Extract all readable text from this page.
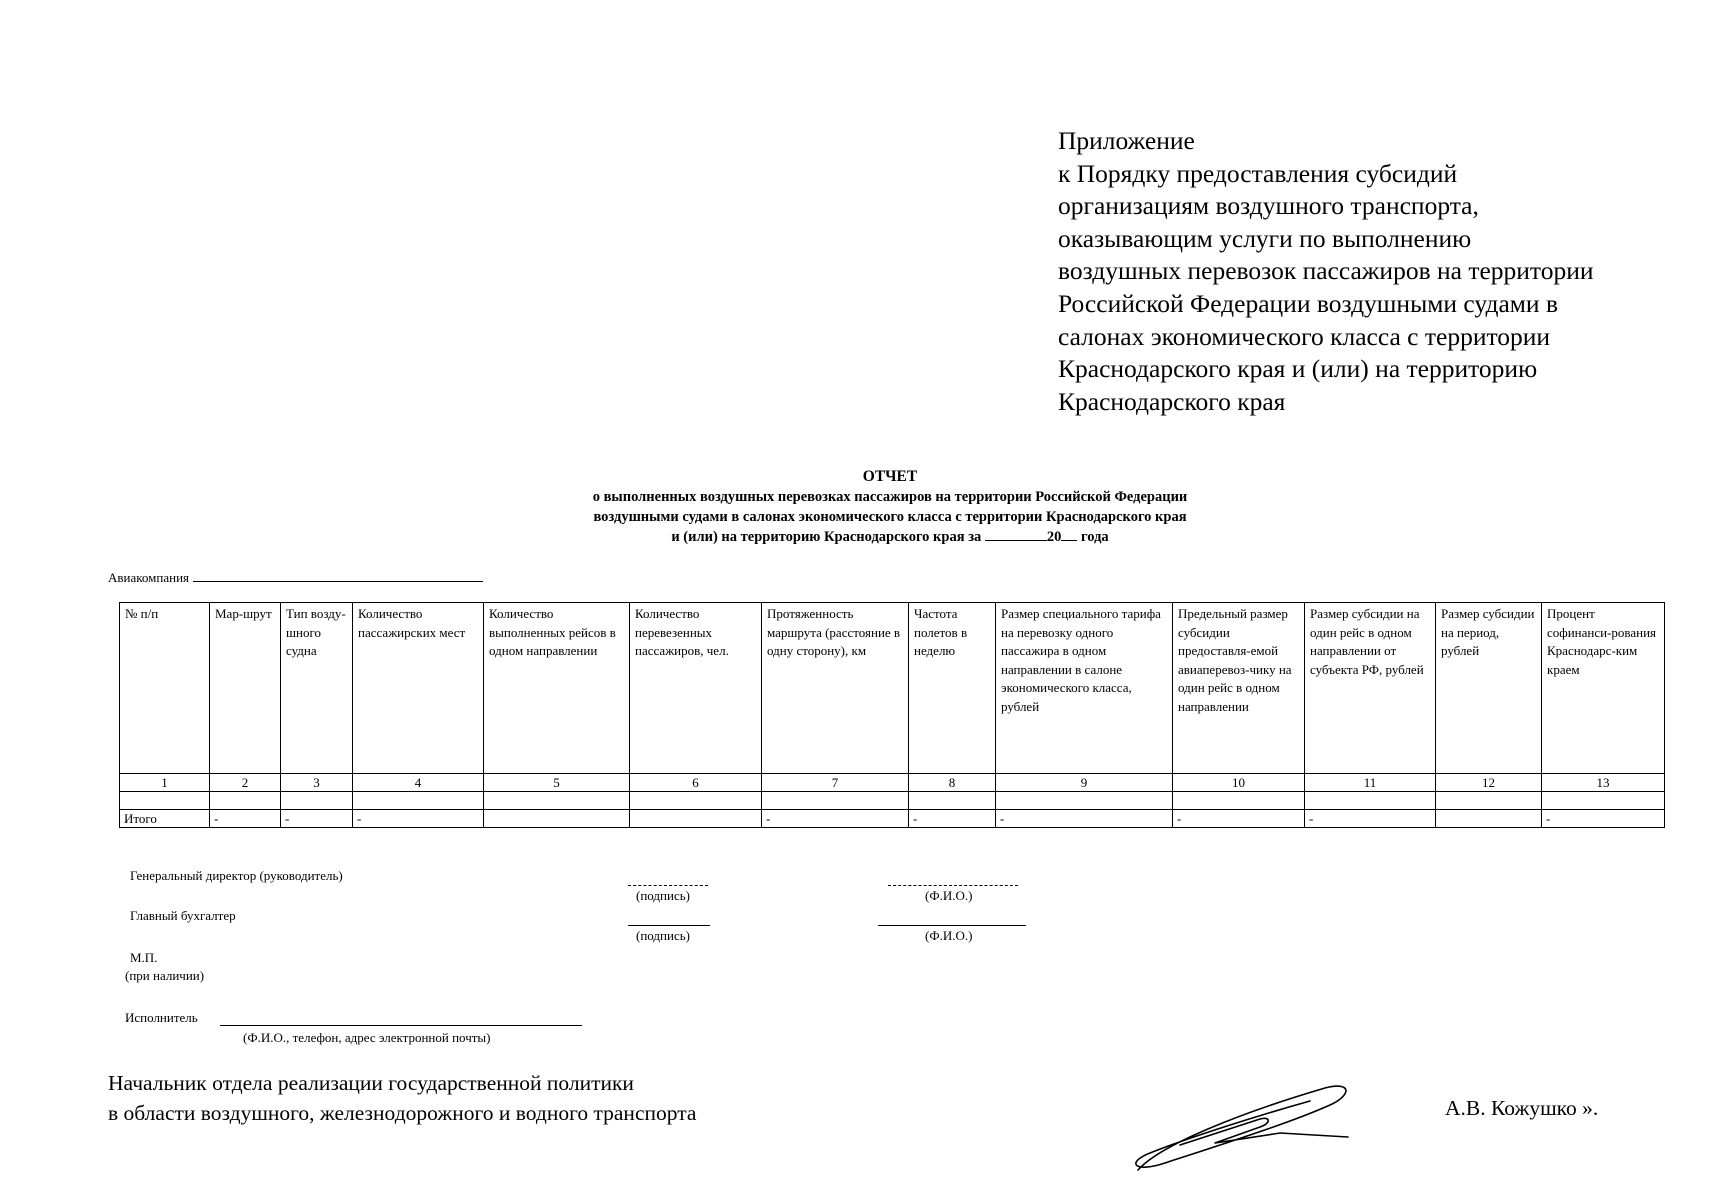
Приложение
к Порядку предоставления субсидий
организациям воздушного транспорта,
оказывающим услуги по выполнению
воздушных перевозок пассажиров на территории
Российской Федерации воздушными судами в
салонах экономического класса с территории
Краснодарского края и (или) на территорию
Краснодарского края
ОТЧЕТ
о выполненных воздушных перевозках пассажиров на территории Российской Федерации
воздушными судами в салонах экономического класса с территории Краснодарского края
и (или) на территорию Краснодарского края за	20 года
Авиакомпания
№ п/п	Мар-шрут	Тип возду-шного судна	Количество пассажирских мест	Количество выполненных рейсов в одном направлении	Количество перевезенных пассажиров, чел.	Протяженность маршрута (расстояние в одну сторону), км	Частота полетов в неделю	Размер специального тарифа на перевозку одного пассажира в одном направлении в салоне экономического класса, рублей	Предельный размер субсидии предоставля-емой авиаперевоз-чику на один рейс в одном направлении	Размер субсидии на один рейс в одном направлении от субъекта РФ, рублей	Размер субсидии на период, рублей	Процент софинанси-рования Краснодарс-ким краем
1	2	3	4	5	6	7	8	9	10	11	12	13

Итого	-	-	-			-	-	-	-	-		-
Генеральный директор (руководитель)
(подпись)	(Ф.И.О.)
Главный бухгалтер
(подпись)	(Ф.И.О.)
М.П.
(при наличии)
Исполнитель
(Ф.И.О., телефон, адрес электронной почты)
Начальник отдела реализации государственной политики
в области воздушного, железнодорожного и водного транспорта	А.В. Кожушко ».
